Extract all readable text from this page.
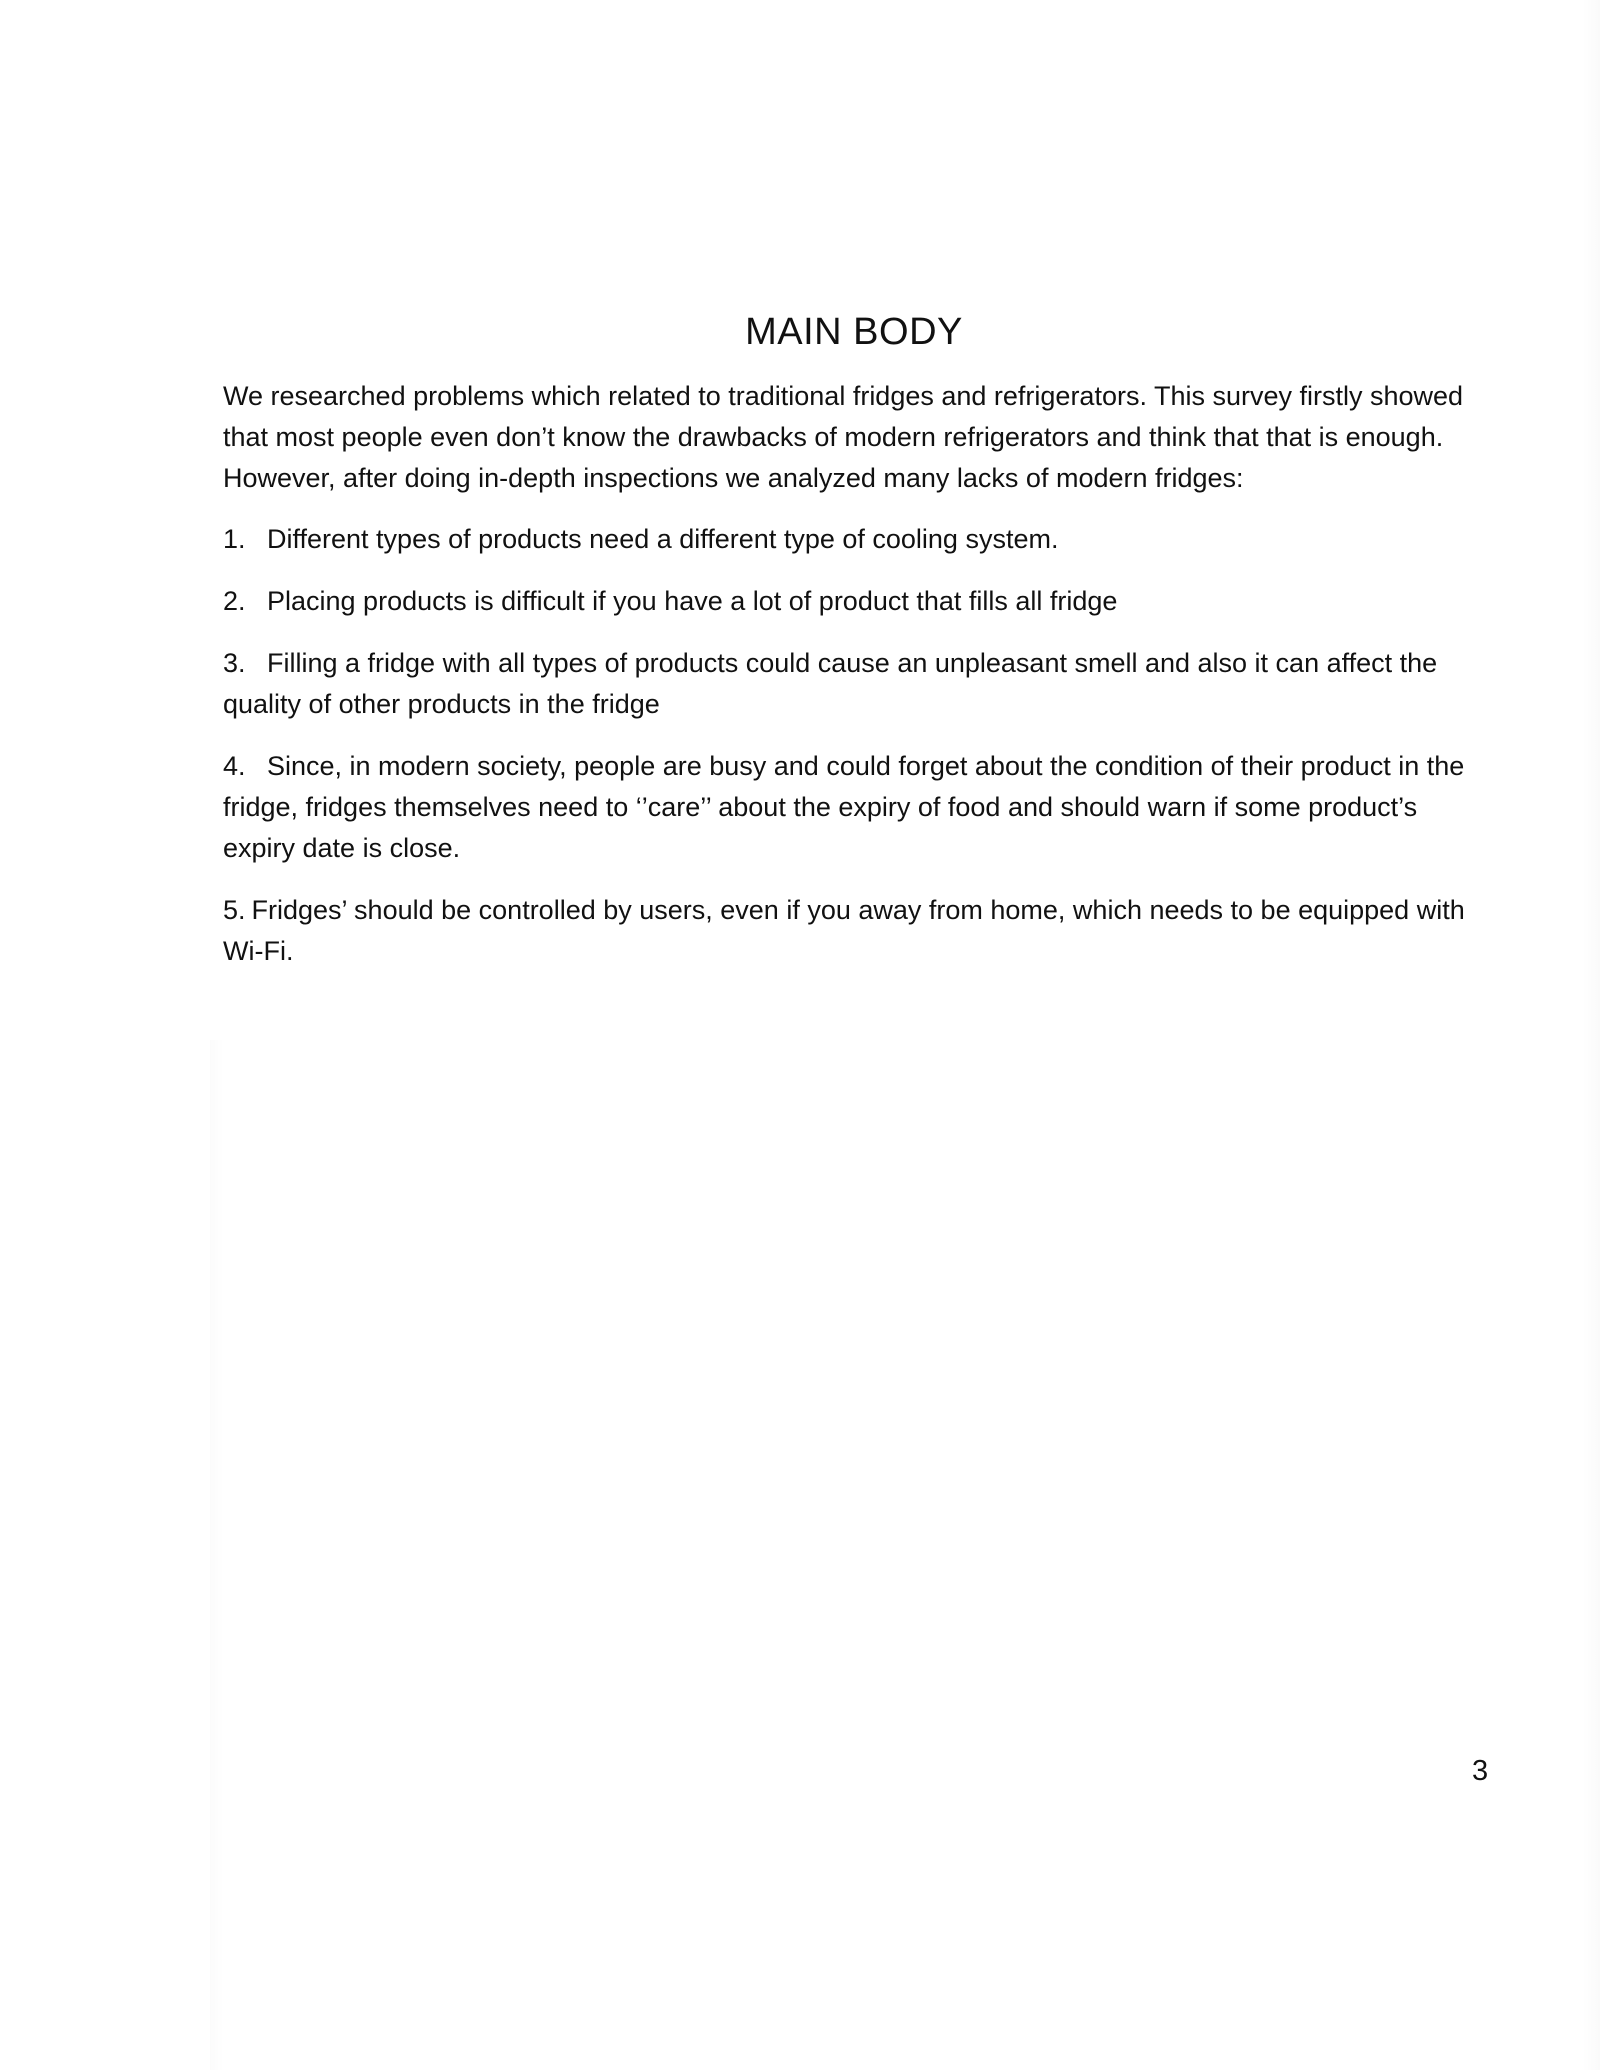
MAIN BODY

We researched problems which related to traditional fridges and refrigerators. This survey firstly showed that most people even don’t know the drawbacks of modern refrigerators and think that that is enough. However, after doing in-depth inspections we analyzed many lacks of modern fridges:

1. Different types of products need a different type of cooling system.

2. Placing products is difficult if you have a lot of product that fills all fridge

3. Filling a fridge with all types of products could cause an unpleasant smell and also it can affect the quality of other products in the fridge

4. Since, in modern society, people are busy and could forget about the condition of their product in the fridge, fridges themselves need to ‘’care’’ about the expiry of food and should warn if some product’s expiry date is close.

5. Fridges’ should be controlled by users, even if you away from home, which needs to be equipped with Wi-Fi.

3
